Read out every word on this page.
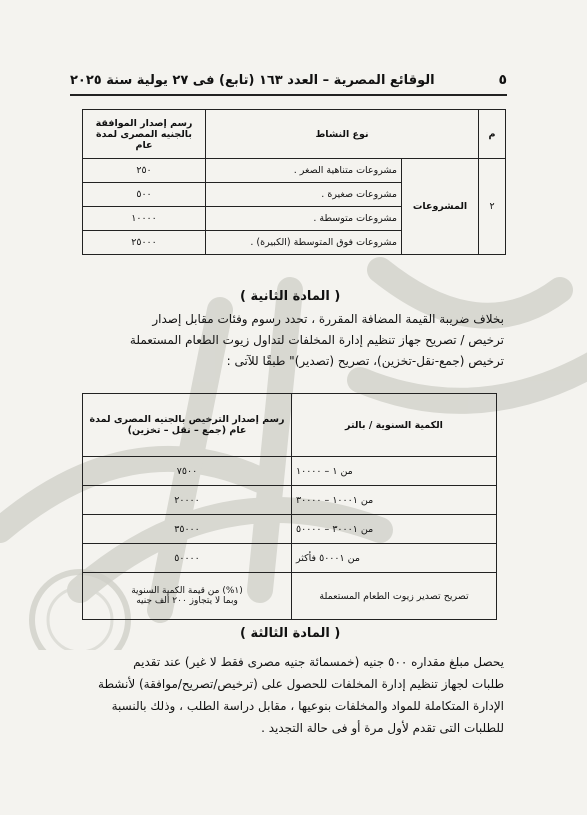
٥
الوقائع المصرية – العدد ١٦٣ (تابع) فى ٢٧ يولية سنة ٢٠٢٥
م	نوع النشاط		رسم إصدار الموافقة بالجنيه المصرى لمدة عام
٢	المشروعات	مشروعات متناهية الصغر .	٢٥٠
		مشروعات صغيرة .	٥٠٠
		مشروعات متوسطة .	١٠٠٠٠
		مشروعات فوق المتوسطة (الكبيرة) .	٢٥٠٠٠
( المادة الثانية )

بخلاف ضريبة القيمة المضافة المقررة ، تحدد رسوم وفئات مقابل إصدار

ترخيص / تصريح جهاز تنظيم إدارة المخلفات لتداول زيوت الطعام المستعملة

ترخيص (جمع-نقل-تخزين)، تصريح (تصدير)" طبقًا للآتى :

الكمية السنوية / بالتر	رسم إصدار الترخيص بالجنيه المصرى لمدة عام (جمع – نقل – تخزين)
من ١ – ١٠٠٠٠	٧٥٠٠
من ١٠٠٠١ – ٣٠٠٠٠	٢٠٠٠٠
من ٣٠٠٠١ – ٥٠٠٠٠	٣٥٠٠٠
من ٥٠٠٠١ فأكثر	٥٠٠٠٠
تصريح تصدير زيوت الطعام المستعملة	(١%) من قيمة الكمية السنوية
وبما لا يتجاوز ٢٠٠ ألف جنيه
( المادة الثالثة )

يحصل مبلغ مقداره ٥٠٠ جنيه (خمسمائة جنيه مصرى فقط لا غير) عند تقديم

طلبات لجهاز تنظيم إدارة المخلفات للحصول على (ترخيص/تصريح/موافقة) لأنشطة

الإدارة المتكاملة للمواد والمخلفات بنوعيها ، مقابل دراسة الطلب ، وذلك بالنسبة

للطلبات التى تقدم لأول مرة أو فى حالة التجديد .
